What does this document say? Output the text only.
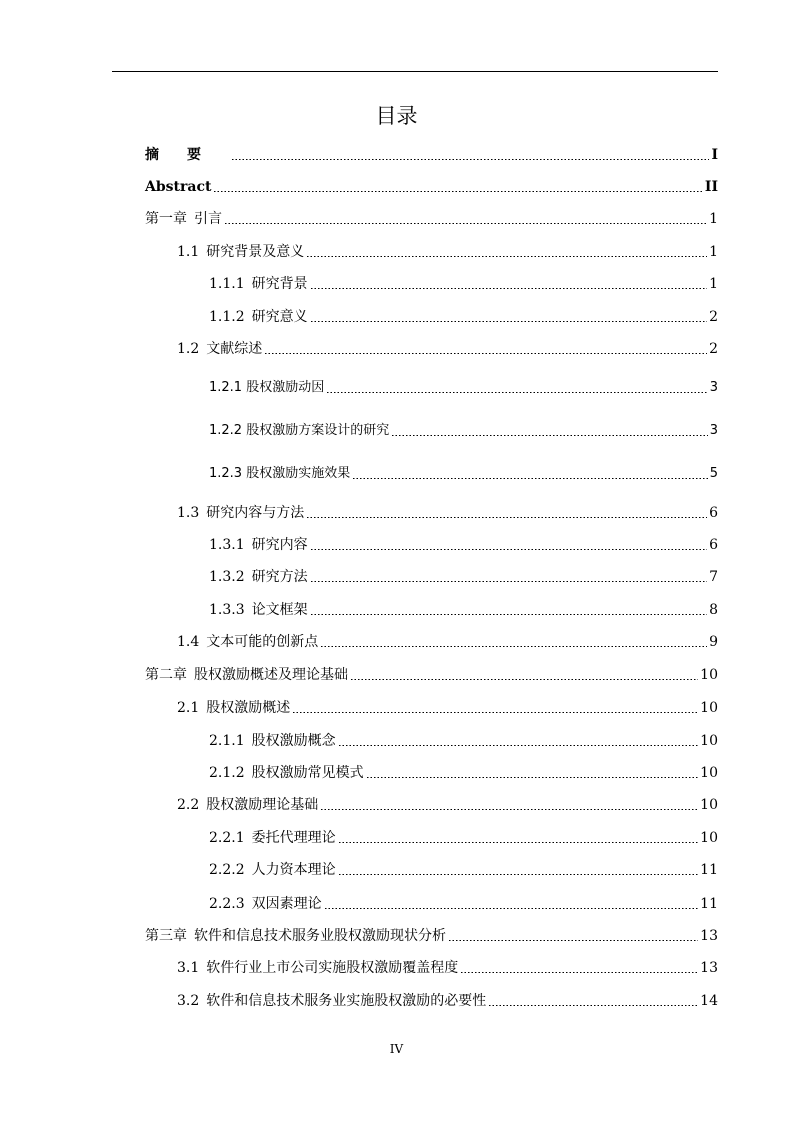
目录
摘要	I
Abstract	II
第一章 引言	1
1.1 研究背景及意义	1
1.1.1 研究背景	1
1.1.2 研究意义	2
1.2 文献综述	2
1.2.1 股权激励动因	3
1.2.2 股权激励方案设计的研究	3
1.2.3 股权激励实施效果	5
1.3 研究内容与方法	6
1.3.1 研究内容	6
1.3.2 研究方法	7
1.3.3 论文框架	8
1.4 文本可能的创新点	9
第二章 股权激励概述及理论基础	10
2.1 股权激励概述	10
2.1.1 股权激励概念	10
2.1.2 股权激励常见模式	10
2.2 股权激励理论基础	10
2.2.1 委托代理理论	10
2.2.2 人力资本理论	11
2.2.3 双因素理论	11
第三章 软件和信息技术服务业股权激励现状分析	13
3.1 软件行业上市公司实施股权激励覆盖程度	13
3.2 软件和信息技术服务业实施股权激励的必要性	14
IV
